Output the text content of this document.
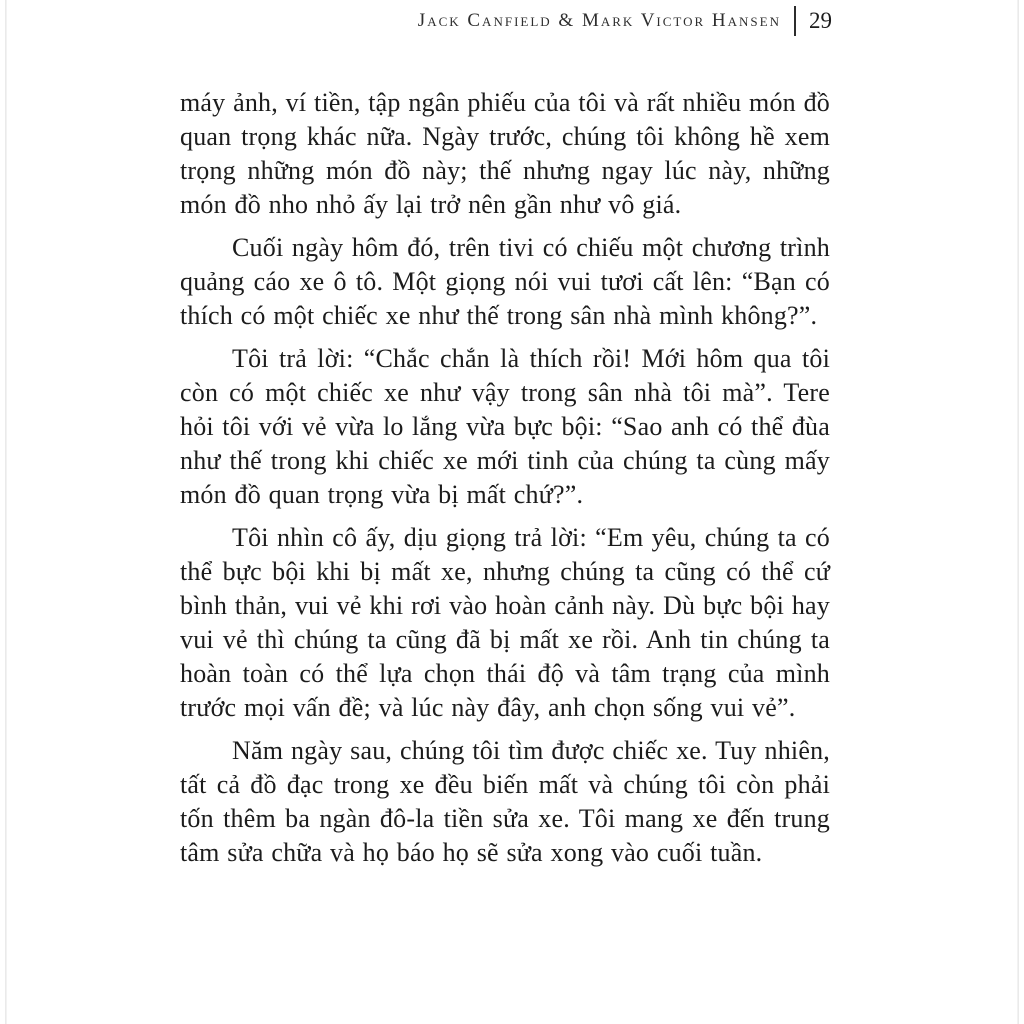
Jack Canfield & Mark Victor Hansen 29

máy ảnh, ví tiền, tập ngân phiếu của tôi và rất nhiều món đồ quan trọng khác nữa. Ngày trước, chúng tôi không hề xem trọng những món đồ này; thế nhưng ngay lúc này, những món đồ nho nhỏ ấy lại trở nên gần như vô giá.

Cuối ngày hôm đó, trên tivi có chiếu một chương trình quảng cáo xe ô tô. Một giọng nói vui tươi cất lên: “Bạn có thích có một chiếc xe như thế trong sân nhà mình không?”.

Tôi trả lời: “Chắc chắn là thích rồi! Mới hôm qua tôi còn có một chiếc xe như vậy trong sân nhà tôi mà”. Tere hỏi tôi với vẻ vừa lo lắng vừa bực bội: “Sao anh có thể đùa như thế trong khi chiếc xe mới tinh của chúng ta cùng mấy món đồ quan trọng vừa bị mất chứ?”.

Tôi nhìn cô ấy, dịu giọng trả lời: “Em yêu, chúng ta có thể bực bội khi bị mất xe, nhưng chúng ta cũng có thể cứ bình thản, vui vẻ khi rơi vào hoàn cảnh này. Dù bực bội hay vui vẻ thì chúng ta cũng đã bị mất xe rồi. Anh tin chúng ta hoàn toàn có thể lựa chọn thái độ và tâm trạng của mình trước mọi vấn đề; và lúc này đây, anh chọn sống vui vẻ”.

Năm ngày sau, chúng tôi tìm được chiếc xe. Tuy nhiên, tất cả đồ đạc trong xe đều biến mất và chúng tôi còn phải tốn thêm ba ngàn đô-la tiền sửa xe. Tôi mang xe đến trung tâm sửa chữa và họ báo họ sẽ sửa xong vào cuối tuần.
